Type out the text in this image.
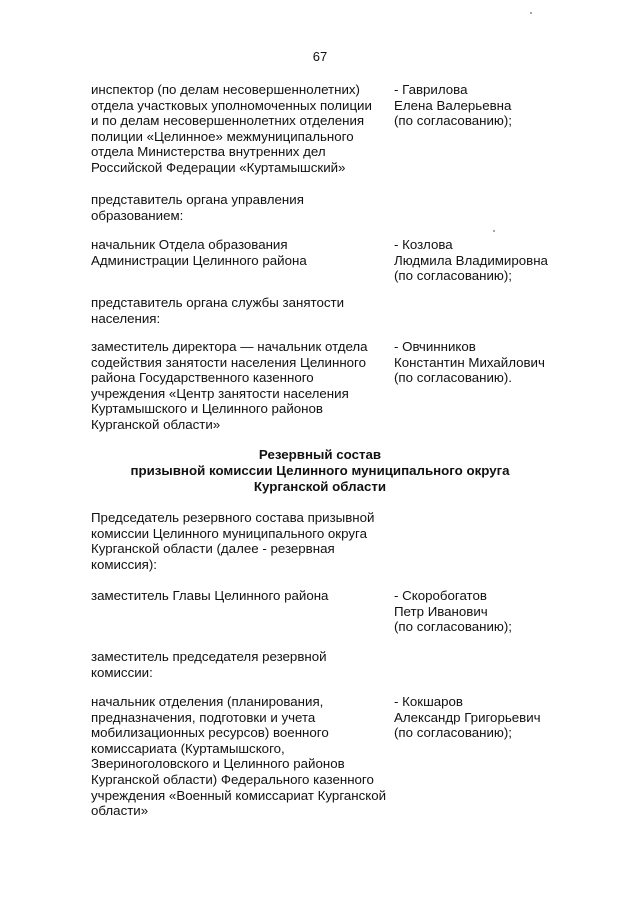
67
инспектор (по делам несовершеннолетних)
отдела участковых уполномоченных полиции
и по делам несовершеннолетних отделения
полиции «Целинное» межмуниципального
отдела Министерства внутренних дел
Российской Федерации «Куртамышский»
- Гаврилова
Елена Валерьевна
(по согласованию);
представитель органа управления
образованием:
начальник Отдела образования
Администрации Целинного района
- Козлова
Людмила Владимировна
(по согласованию);
представитель органа службы занятости
населения:
заместитель директора — начальник отдела
содействия занятости населения Целинного
района Государственного казенного
учреждения «Центр занятости населения
Куртамышского и Целинного районов
Курганской области»
- Овчинников
Константин Михайлович
(по согласованию).
Резервный состав
призывной комиссии Целинного муниципального округа
Курганской области
Председатель резервного состава призывной
комиссии Целинного муниципального округа
Курганской области (далее - резервная
комиссия):
заместитель Главы Целинного района	- Скоробогатов
Петр Иванович
(по согласованию);
заместитель председателя резервной
комиссии:
начальник отделения (планирования,
предназначения, подготовки и учета
мобилизационных ресурсов) военного
комиссариата (Куртамышского,
Звериноголовского и Целинного районов
Курганской области) Федерального казенного
учреждения «Военный комиссариат Курганской
области»
- Кокшаров
Александр Григорьевич
(по согласованию);
